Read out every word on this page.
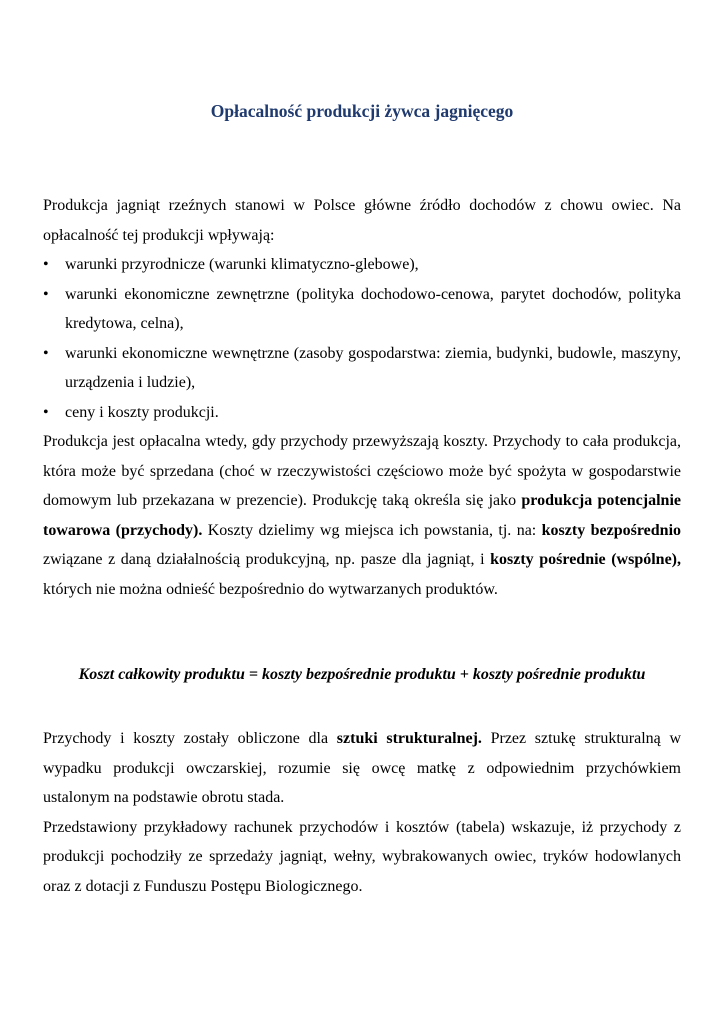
Opłacalność produkcji żywca jagnięcego

Produkcja jagniąt rzeźnych stanowi w Polsce główne źródło dochodów z chowu owiec. Na opłacalność tej produkcji wpływają:

•	warunki przyrodnicze (warunki klimatyczno-glebowe),
•	warunki ekonomiczne zewnętrzne (polityka dochodowo-cenowa, parytet dochodów, polityka kredytowa, celna),
•	warunki ekonomiczne wewnętrzne (zasoby gospodarstwa: ziemia, budynki, budowle, maszyny, urządzenia i ludzie),
•	ceny i koszty produkcji.

Produkcja jest opłacalna wtedy, gdy przychody przewyższają koszty. Przychody to cała produkcja, która może być sprzedana (choć w rzeczywistości częściowo może być spożyta w gospodarstwie domowym lub przekazana w prezencie). Produkcję taką określa się jako produkcja potencjalnie towarowa (przychody). Koszty dzielimy wg miejsca ich powstania, tj. na: koszty bezpośrednio związane z daną działalnością produkcyjną, np. pasze dla jagniąt, i koszty pośrednie (wspólne), których nie można odnieść bezpośrednio do wytwarzanych produktów.

Koszt całkowity produktu = koszty bezpośrednie produktu + koszty pośrednie produktu

Przychody i koszty zostały obliczone dla sztuki strukturalnej. Przez sztukę strukturalną w wypadku produkcji owczarskiej, rozumie się owcę matkę z odpowiednim przychówkiem ustalonym na podstawie obrotu stada.

Przedstawiony przykładowy rachunek przychodów i kosztów (tabela) wskazuje, iż przychody z produkcji pochodziły ze sprzedaży jagniąt, wełny, wybrakowanych owiec, tryków hodowlanych oraz z dotacji z Funduszu Postępu Biologicznego.
